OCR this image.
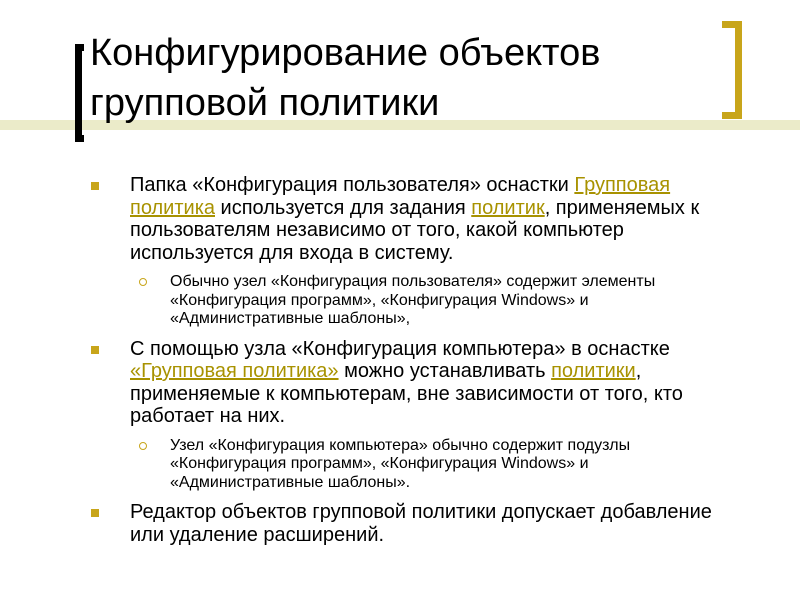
Конфигурирование объектов групповой политики
Папка «Конфигурация пользователя» оснастки Групповая политика используется для задания политик, применяемых к пользователям независимо от того, какой компьютер используется для входа в систему.
Обычно узел «Конфигурация пользователя» содержит элементы «Конфигурация программ», «Конфигурация Windows» и «Административные шаблоны»,
С помощью узла «Конфигурация компьютера» в оснастке «Групповая политика» можно устанавливать политики, применяемые к компьютерам, вне зависимости от того, кто работает на них.
Узел «Конфигурация компьютера» обычно содержит подузлы «Конфигурация программ», «Конфигурация Windows» и «Административные шаблоны».
Редактор объектов групповой политики допускает добавление или удаление расширений.
